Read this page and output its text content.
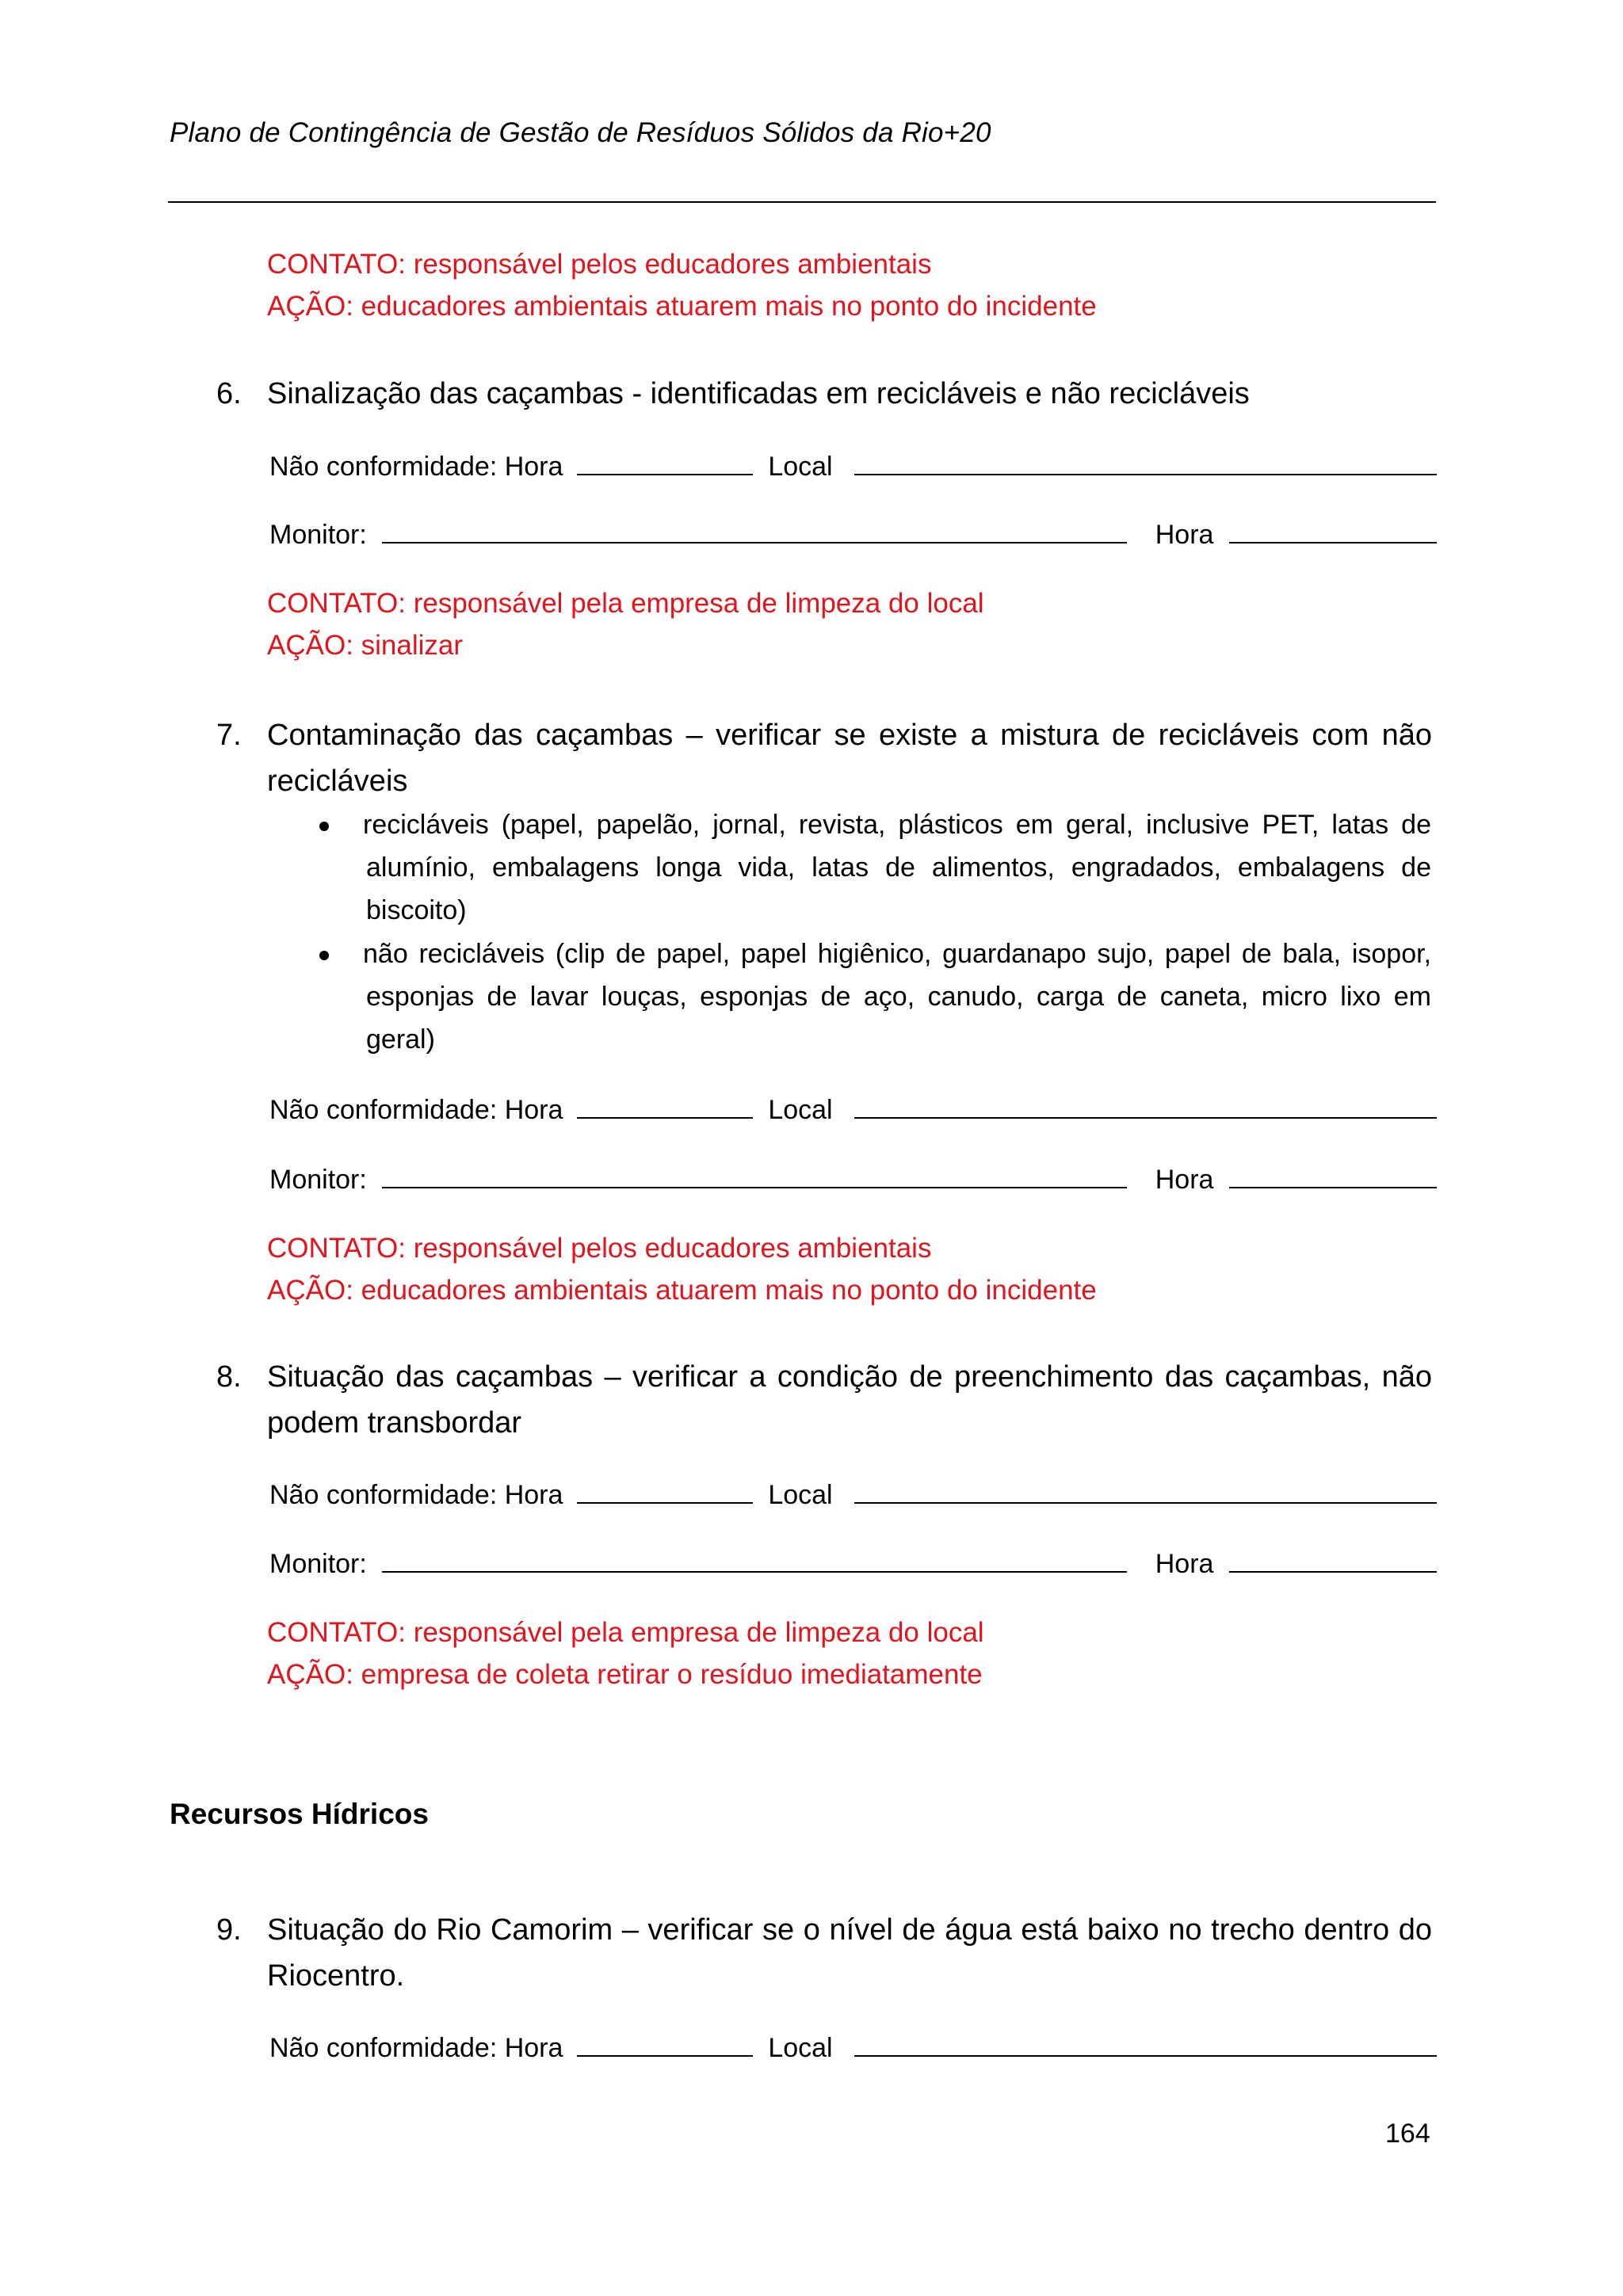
Plano de Contingência de Gestão de Resíduos Sólidos da Rio+20
CONTATO: responsável pelos educadores ambientais
AÇÃO: educadores ambientais atuarem mais no ponto do incidente
6. Sinalização das caçambas - identificadas em recicláveis e não recicláveis
Não conformidade: Hora	Local
Monitor:	Hora
CONTATO: responsável pela empresa de limpeza do local
AÇÃO: sinalizar
7. Contaminação das caçambas – verificar se existe a mistura de recicláveis com não
recicláveis
recicláveis (papel, papelão, jornal, revista, plásticos em geral, inclusive PET, latas de
alumínio, embalagens longa vida, latas de alimentos, engradados, embalagens de
biscoito)
não recicláveis (clip de papel, papel higiênico, guardanapo sujo, papel de bala, isopor,
esponjas de lavar louças, esponjas de aço, canudo, carga de caneta, micro lixo em
geral)
Não conformidade: Hora	Local
Monitor:	Hora
CONTATO: responsável pelos educadores ambientais
AÇÃO: educadores ambientais atuarem mais no ponto do incidente
8. Situação das caçambas – verificar a condição de preenchimento das caçambas, não
podem transbordar
Não conformidade: Hora	Local
Monitor:	Hora
CONTATO: responsável pela empresa de limpeza do local
AÇÃO: empresa de coleta retirar o resíduo imediatamente
Recursos Hídricos
9. Situação do Rio Camorim – verificar se o nível de água está baixo no trecho dentro do
Riocentro.
Não conformidade: Hora	Local
164
